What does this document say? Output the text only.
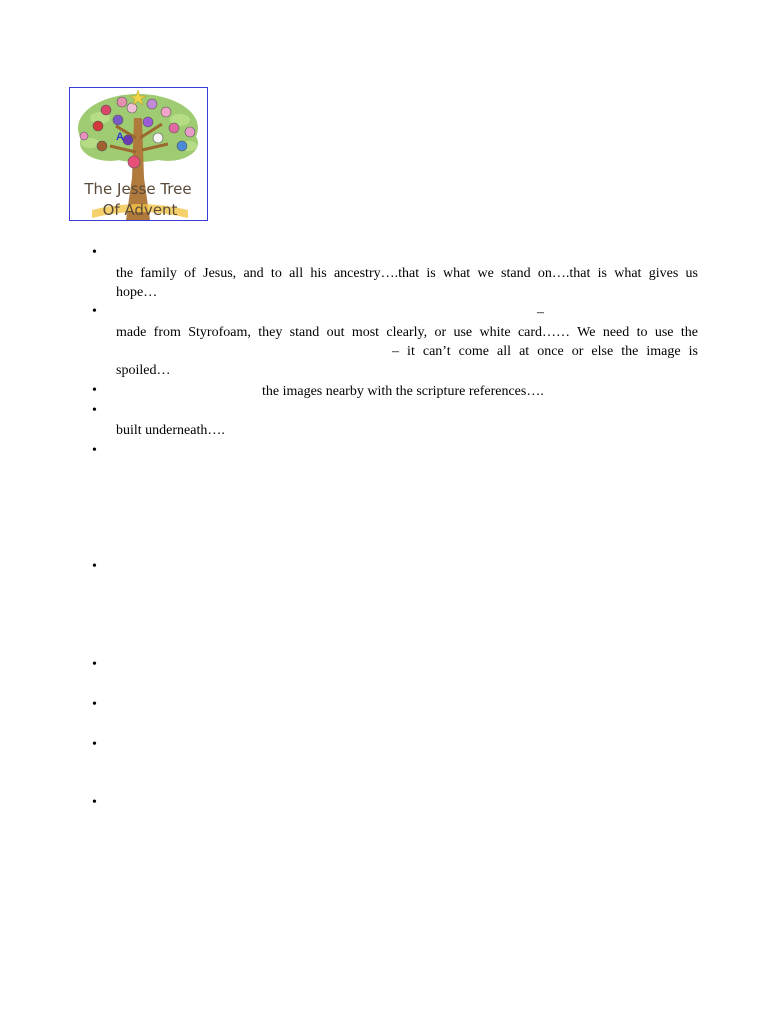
A
The Jesse Tree
Of Advent
•
•
•
•
•
•
•
•
•
•
the family of Jesus, and to all his ancestry….that is what we stand on….that is what gives us
hope…
–
made from Styrofoam, they stand out most clearly, or use white card…… We need to use the
– it can’t come all at once or else the image is
spoiled…
the images nearby with the scripture references….
built underneath….
